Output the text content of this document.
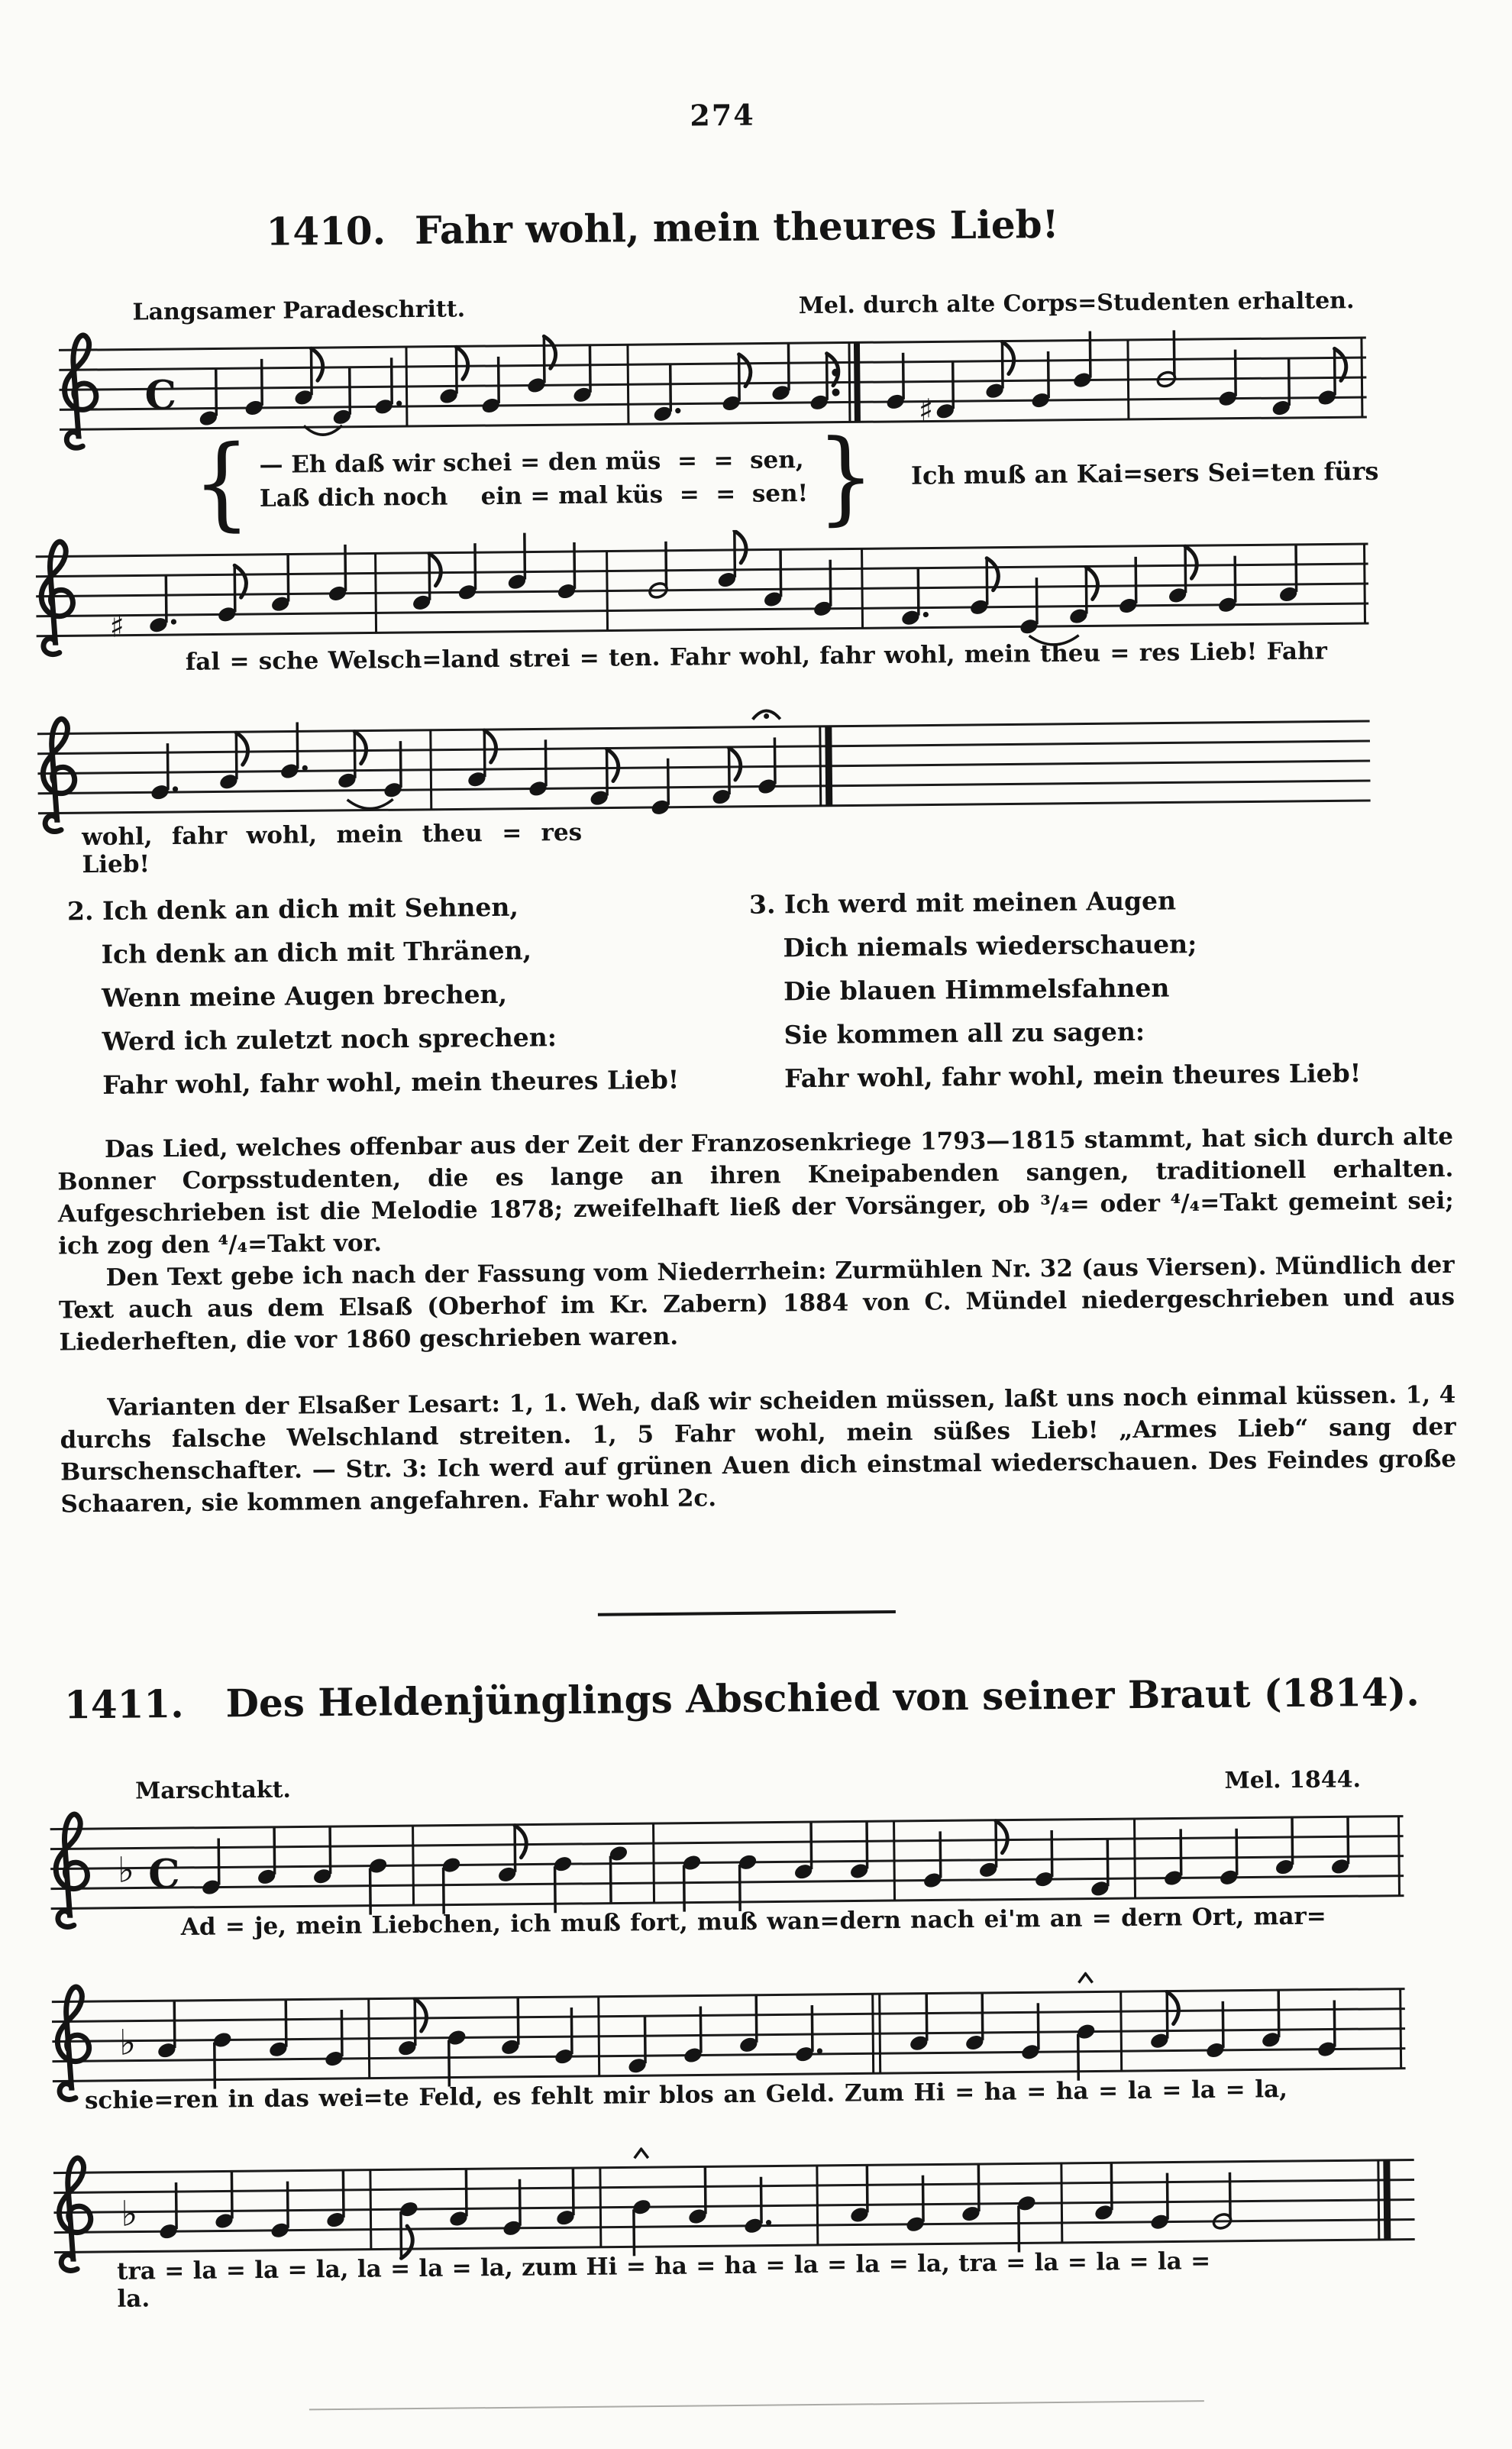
274
1410. Fahr wohl, mein theures Lieb!
Langsamer Paradeschritt.	Mel. durch alte Corps=Studenten erhalten.
C	♯
{ — Eh daß wir schei = den müs  =  =  sen,
Laß dich noch    ein = mal küs  =  =  sen! } Ich muß an Kai=sers Sei=ten fürs
♯
fal = sche Welsch=land strei = ten. Fahr wohl, fahr wohl, mein theu = res Lieb! Fahr
wohl, fahr wohl, mein theu = res Lieb!
2. Ich denk an dich mit Sehnen,
Ich denk an dich mit Thränen,
Wenn meine Augen brechen,
Werd ich zuletzt noch sprechen:
Fahr wohl, fahr wohl, mein theures Lieb!
3. Ich werd mit meinen Augen
Dich niemals wiederschauen;
Die blauen Himmelsfahnen
Sie kommen all zu sagen:
Fahr wohl, fahr wohl, mein theures Lieb!

Das Lied, welches offenbar aus der Zeit der Franzosenkriege 1793—1815 stammt, hat sich durch alte Bonner Corpsstudenten, die es lange an ihren Kneipabenden sangen, traditionell erhalten. Aufgeschrieben ist die Melodie 1878; zweifelhaft ließ der Vorsänger, ob ³/₄= oder ⁴/₄=Takt gemeint sei; ich zog den ⁴/₄=Takt vor.

Den Text gebe ich nach der Fassung vom Niederrhein: Zurmühlen Nr. 32 (aus Viersen). Mündlich der Text auch aus dem Elsaß (Oberhof im Kr. Zabern) 1884 von C. Mündel niedergeschrieben und aus Liederheften, die vor 1860 geschrieben waren.

Varianten der Elsaßer Lesart: 1, 1. Weh, daß wir scheiden müssen, laßt uns noch einmal küssen. 1, 4 durchs falsche Welschland streiten. 1, 5 Fahr wohl, mein süßes Lieb! „Armes Lieb“ sang der Burschenschafter. — Str. 3: Ich werd auf grünen Auen dich einstmal wiederschauen. Des Feindes große Schaaren, sie kommen angefahren. Fahr wohl 2c.

1411. Des Heldenjünglings Abschied von seiner Braut (1814).
Marschtakt.	Mel. 1844.
♭ C
Ad = je, mein Liebchen, ich muß fort, muß wan=dern nach ei'm an = dern Ort, mar=
♭
schie=ren in das wei=te Feld, es fehlt mir blos an Geld. Zum Hi = ha = ha = la = la = la,
♭
tra = la = la = la, la = la = la, zum Hi = ha = ha = la = la = la, tra = la = la = la = la.
